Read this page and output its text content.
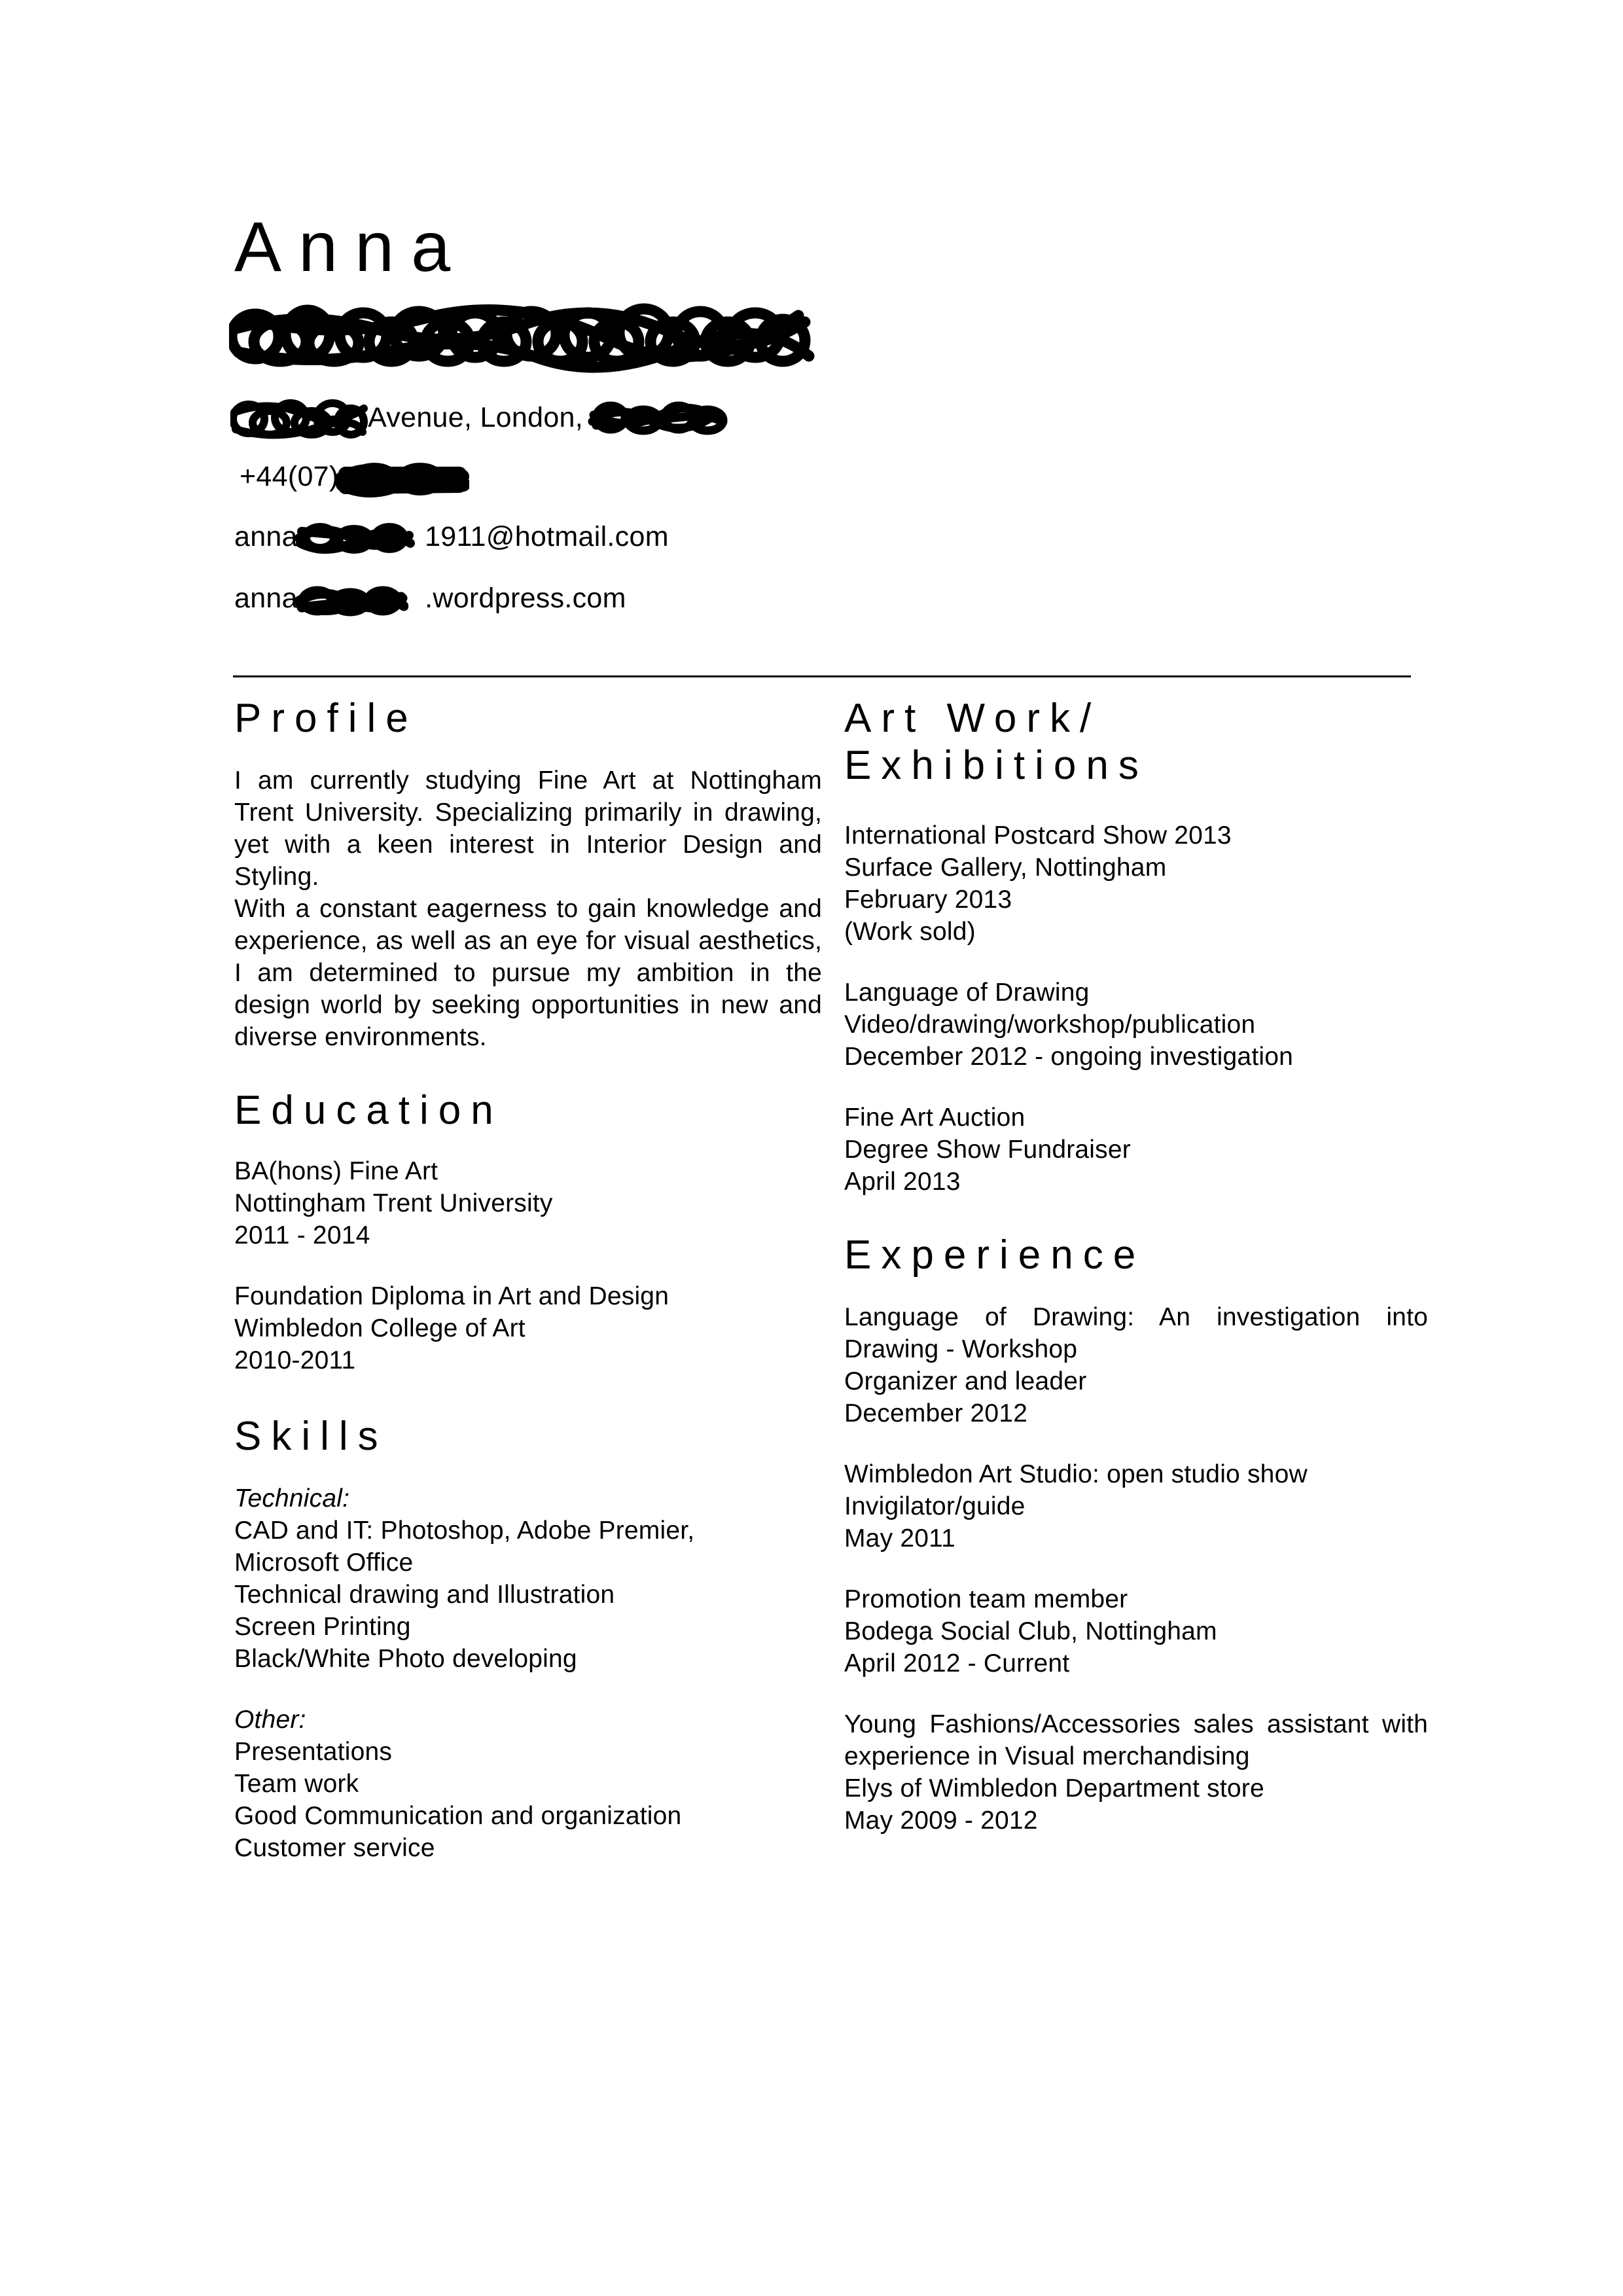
Anna
Avenue, London,
+44(07)
anna	1911@hotmail.com
anna	.wordpress.com
Profile
I am currently studying Fine Art at Nottingham Trent University. Specializing primarily in drawing, yet with a keen interest in Interior Design and Styling.
With a constant eagerness to gain knowledge and experience, as well as an eye for visual aesthetics, I am determined to pursue my ambition in the design world by seeking opportunities in new and diverse environments.
Education
BA(hons) Fine Art
Nottingham Trent University
2011 - 2014
Foundation Diploma in Art and Design
Wimbledon College of Art
2010-2011
Skills
Technical:
CAD and IT: Photoshop, Adobe Premier,
Microsoft Office
Technical drawing and Illustration
Screen Printing
Black/White Photo developing
Other:
Presentations
Team work
Good Communication and organization
Customer service
Art Work/
Exhibitions
International Postcard Show 2013
Surface Gallery, Nottingham
February 2013
(Work sold)
Language of Drawing
Video/drawing/workshop/publication
December 2012 - ongoing investigation
Fine Art Auction
Degree Show Fundraiser
April 2013
Experience
Language of Drawing: An investigation into Drawing - Workshop
Organizer and leader
December 2012
Wimbledon Art Studio: open studio show
Invigilator/guide
May 2011
Promotion team member
Bodega Social Club, Nottingham
April 2012 - Current
Young Fashions/Accessories sales assistant with experience in Visual merchandising
Elys of Wimbledon Department store
May 2009 - 2012
